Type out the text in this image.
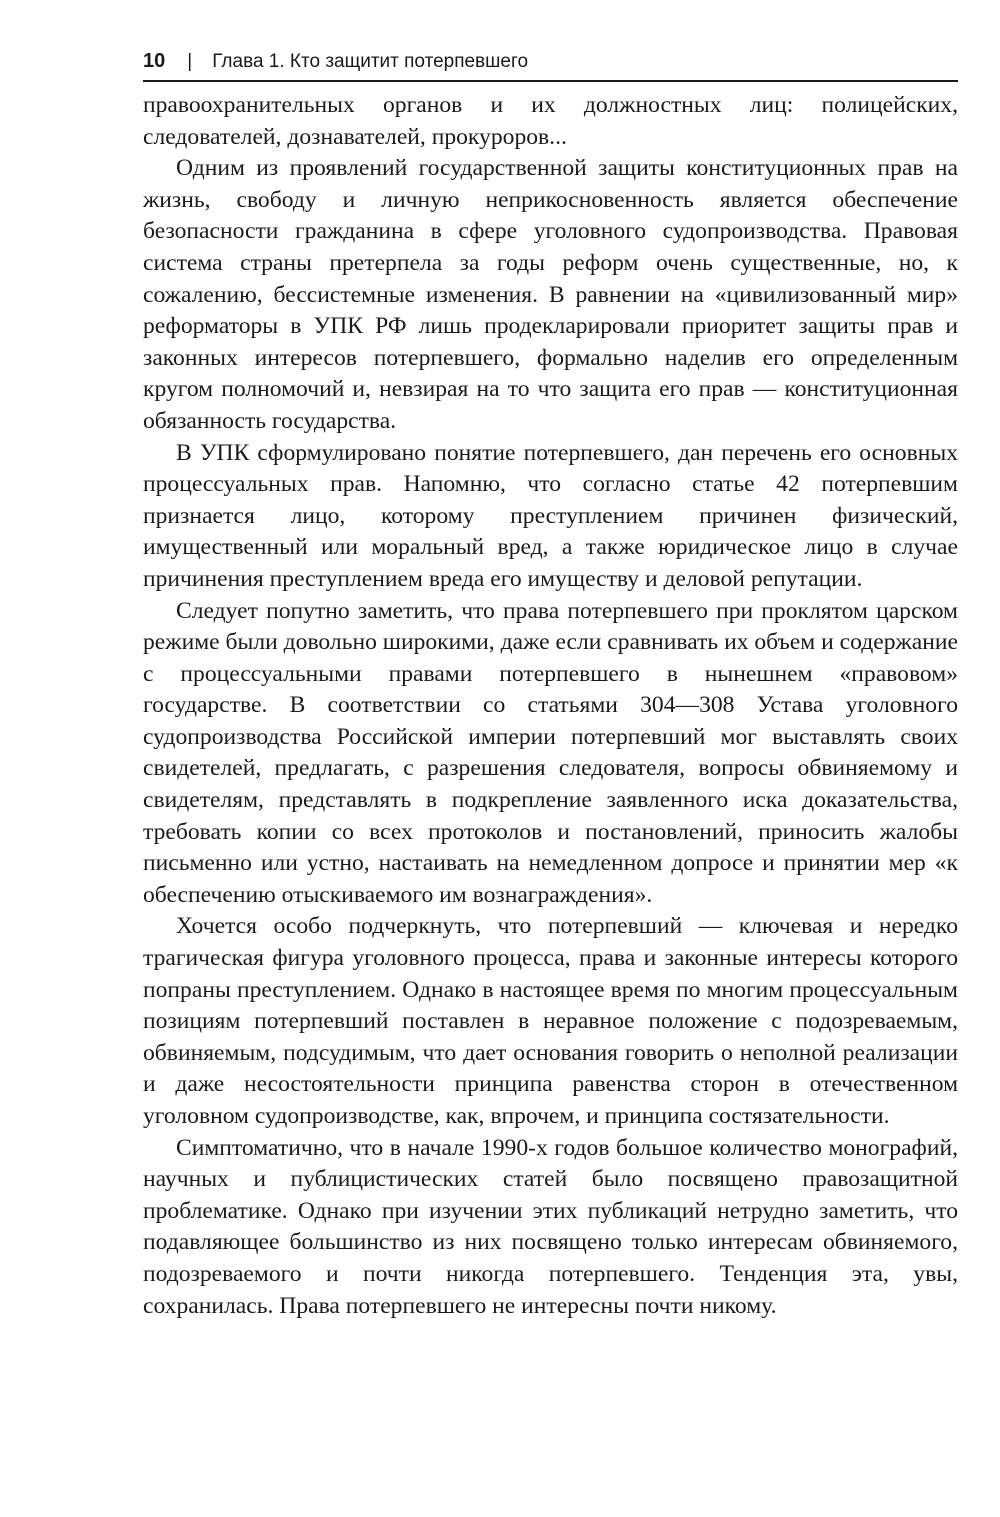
10 | Глава 1. Кто защитит потерпевшего

правоохранительных органов и их должностных лиц: полицейских, следователей, дознавателей, прокуроров...

Одним из проявлений государственной защиты конституционных прав на жизнь, свободу и личную неприкосновенность является обеспечение безопасности гражданина в сфере уголовного судопроизводства. Правовая система страны претерпела за годы реформ очень существенные, но, к сожалению, бессистемные изменения. В равнении на «цивилизованный мир» реформаторы в УПК РФ лишь продекларировали приоритет защиты прав и законных интересов потерпевшего, формально наделив его определенным кругом полномочий и, невзирая на то что защита его прав — конституционная обязанность государства.

В УПК сформулировано понятие потерпевшего, дан перечень его основных процессуальных прав. Напомню, что согласно статье 42 потерпевшим признается лицо, которому преступлением причинен физический, имущественный или моральный вред, а также юридическое лицо в случае причинения преступлением вреда его имуществу и деловой репутации.

Следует попутно заметить, что права потерпевшего при проклятом царском режиме были довольно широкими, даже если сравнивать их объем и содержание с процессуальными правами потерпевшего в нынешнем «правовом» государстве. В соответствии со статьями 304—308 Устава уголовного судопроизводства Российской империи потерпевший мог выставлять своих свидетелей, предлагать, с разрешения следователя, вопросы обвиняемому и свидетелям, представлять в подкрепление заявленного иска доказательства, требовать копии со всех протоколов и постановлений, приносить жалобы письменно или устно, настаивать на немедленном допросе и принятии мер «к обеспечению отыскиваемого им вознаграждения».

Хочется особо подчеркнуть, что потерпевший — ключевая и нередко трагическая фигура уголовного процесса, права и законные интересы которого попраны преступлением. Однако в настоящее время по многим процессуальным позициям потерпевший поставлен в неравное положение с подозреваемым, обвиняемым, подсудимым, что дает основания говорить о неполной реализации и даже несостоятельности принципа равенства сторон в отечественном уголовном судопроизводстве, как, впрочем, и принципа состязательности.

Симптоматично, что в начале 1990-х годов большое количество монографий, научных и публицистических статей было посвящено правозащитной проблематике. Однако при изучении этих публикаций нетрудно заметить, что подавляющее большинство из них посвящено только интересам обвиняемого, подозреваемого и почти никогда потерпевшего. Тенденция эта, увы, сохранилась. Права потерпевшего не интересны почти никому.
